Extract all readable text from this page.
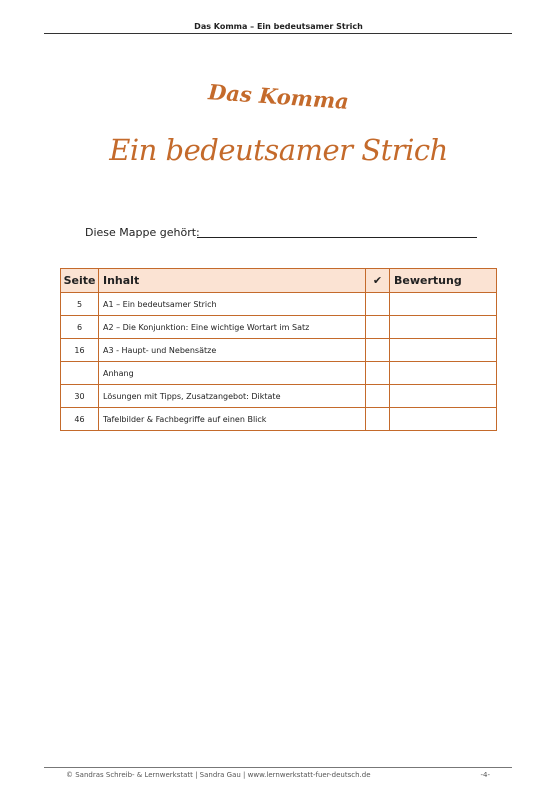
Das Komma – Ein bedeutsamer Strich
Das Komma
Ein bedeutsamer Strich
Diese Mappe gehört:
Seite	Inhalt	✔	Bewertung
5	A1 – Ein bedeutsamer Strich		
6	A2 – Die Konjunktion: Eine wichtige Wortart im Satz		
16	A3 - Haupt- und Nebensätze		
	Anhang		
30	Lösungen mit Tipps, Zusatzangebot: Diktate		
46	Tafelbilder & Fachbegriffe auf einen Blick		
© Sandras Schreib- & Lernwerkstatt | Sandra Gau | www.lernwerkstatt-fuer-deutsch.de	-4-
